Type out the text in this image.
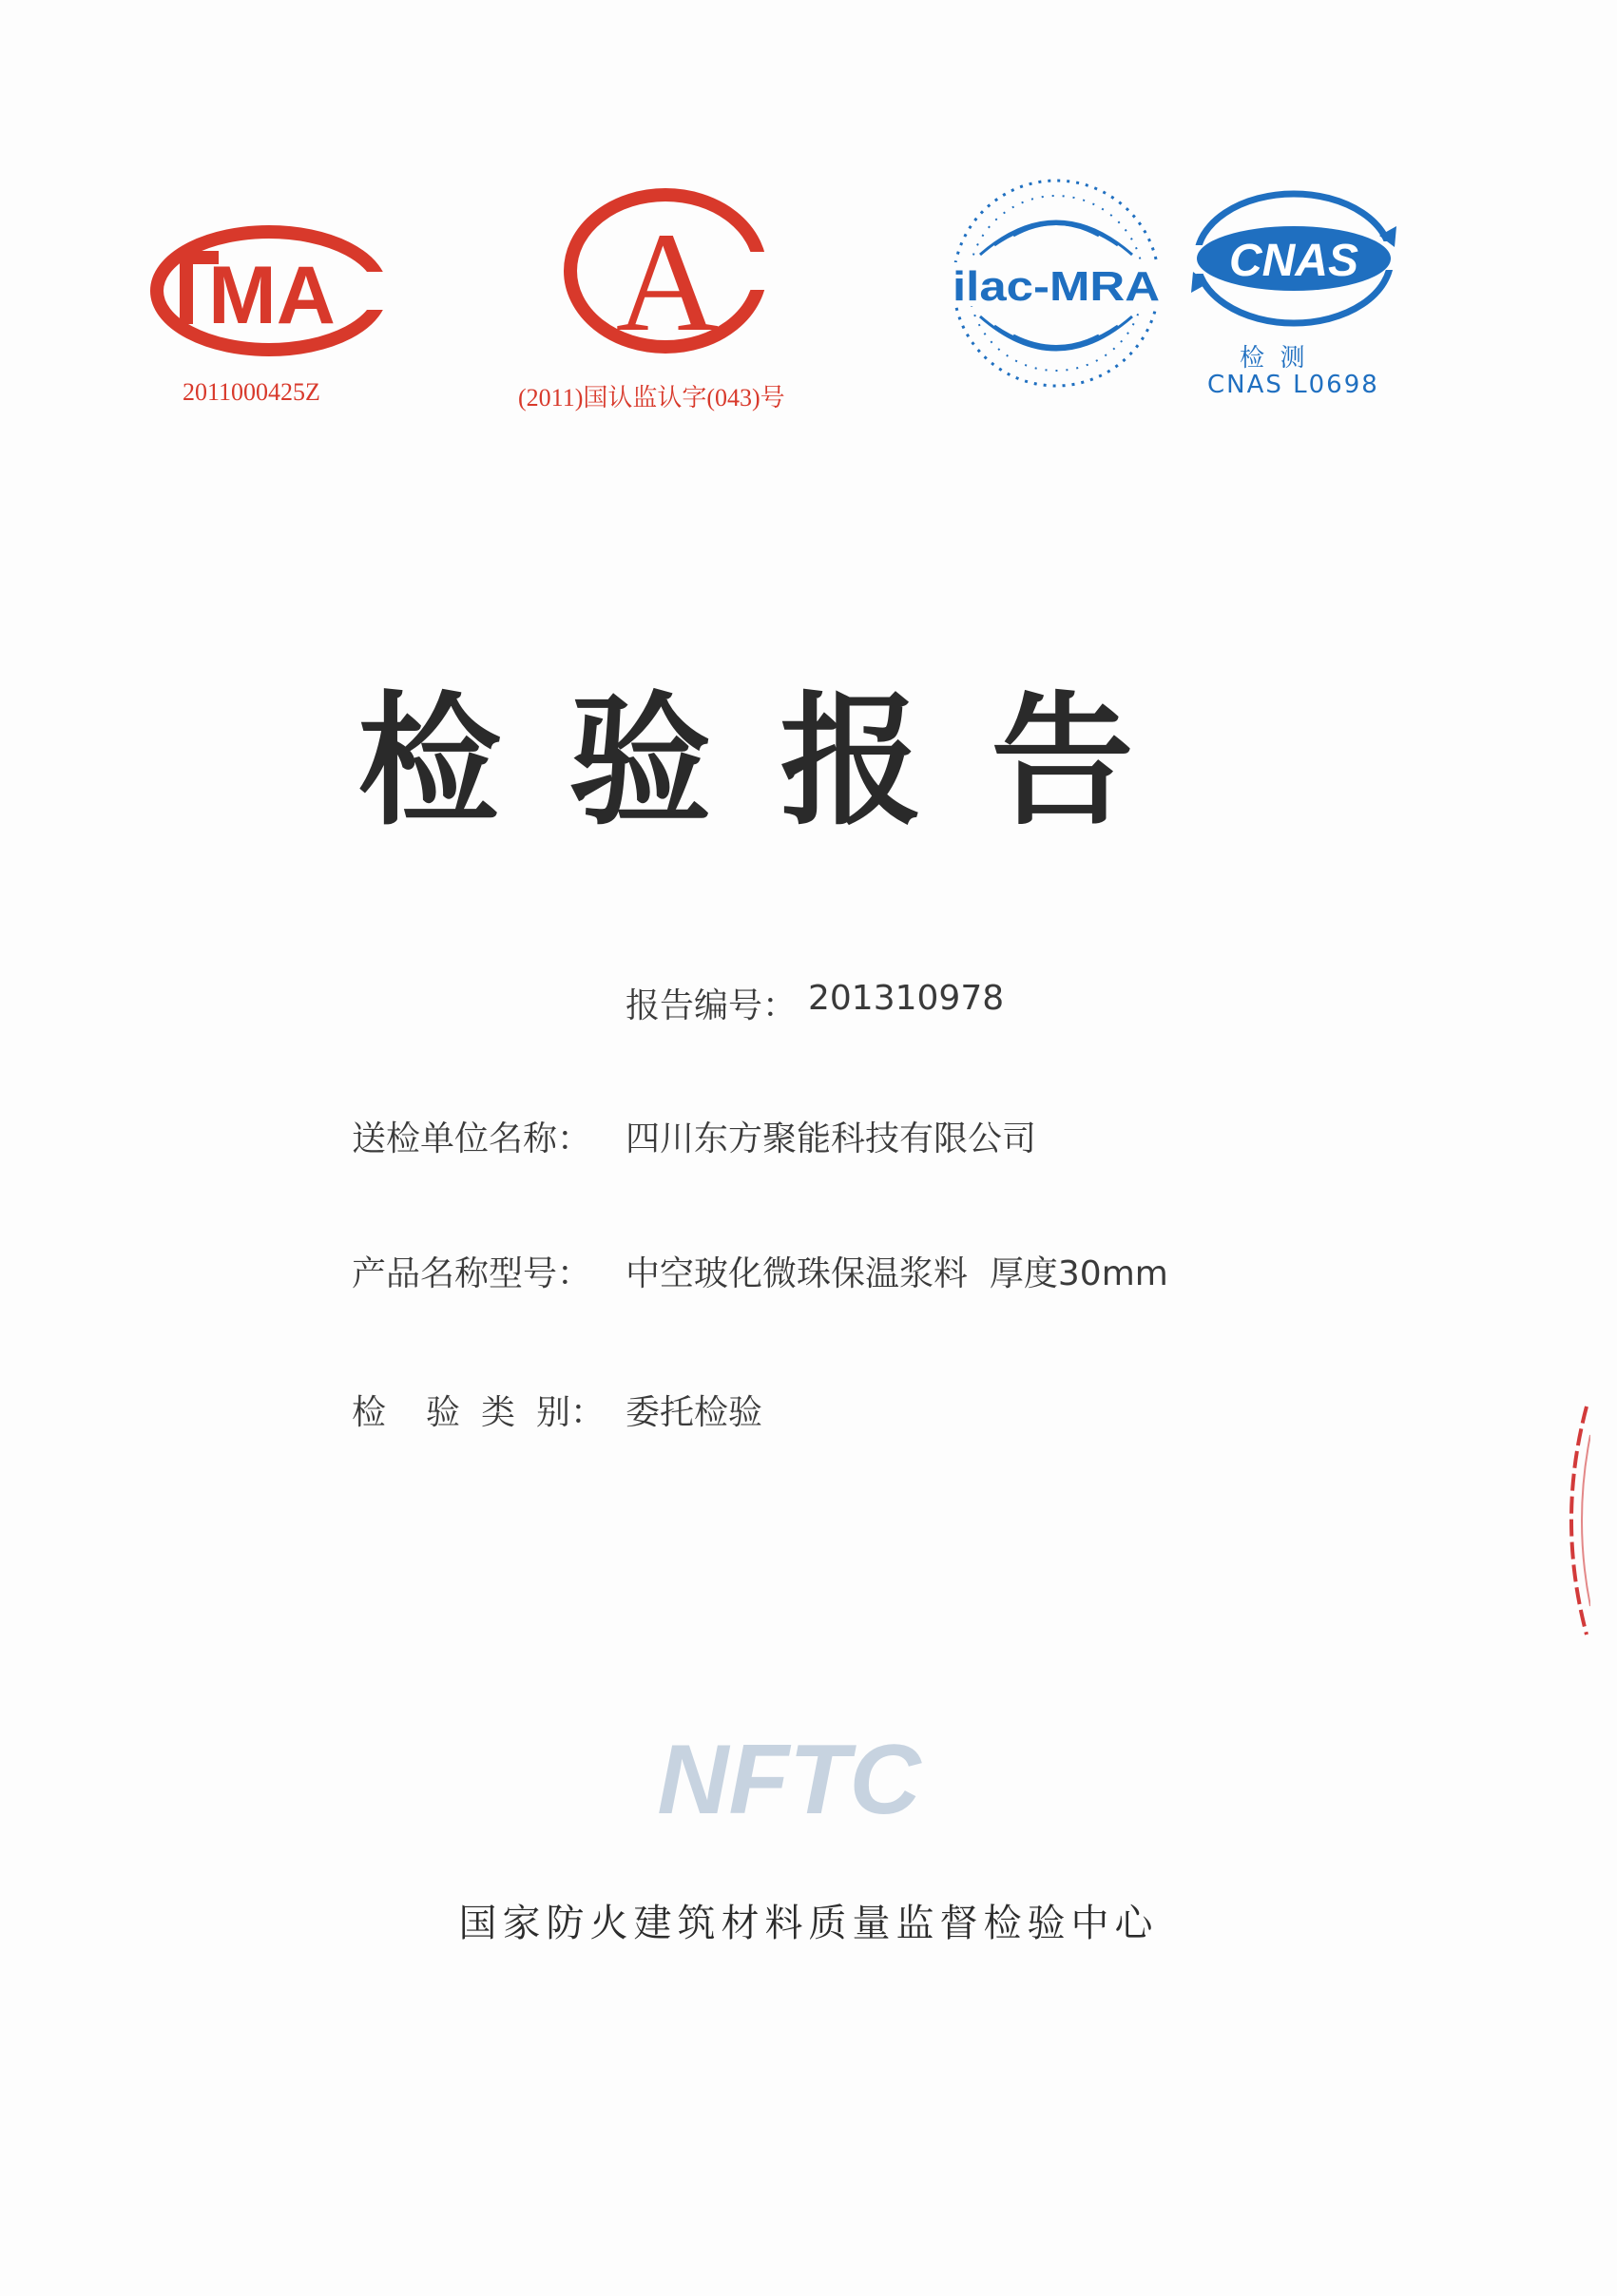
MA
2011000425Z
A
(2011)国认监认字(043)号
ilac-MRA
CNAS
检  测
CNAS L0698
检验报告
报告编号： 201310978
送检单位名称： 四川东方聚能科技有限公司
产品名称型号： 中空玻化微珠保温浆料  厚度30mm
检 验 类 别： 委托检验
NFTC
国家防火建筑材料质量监督检验中心
